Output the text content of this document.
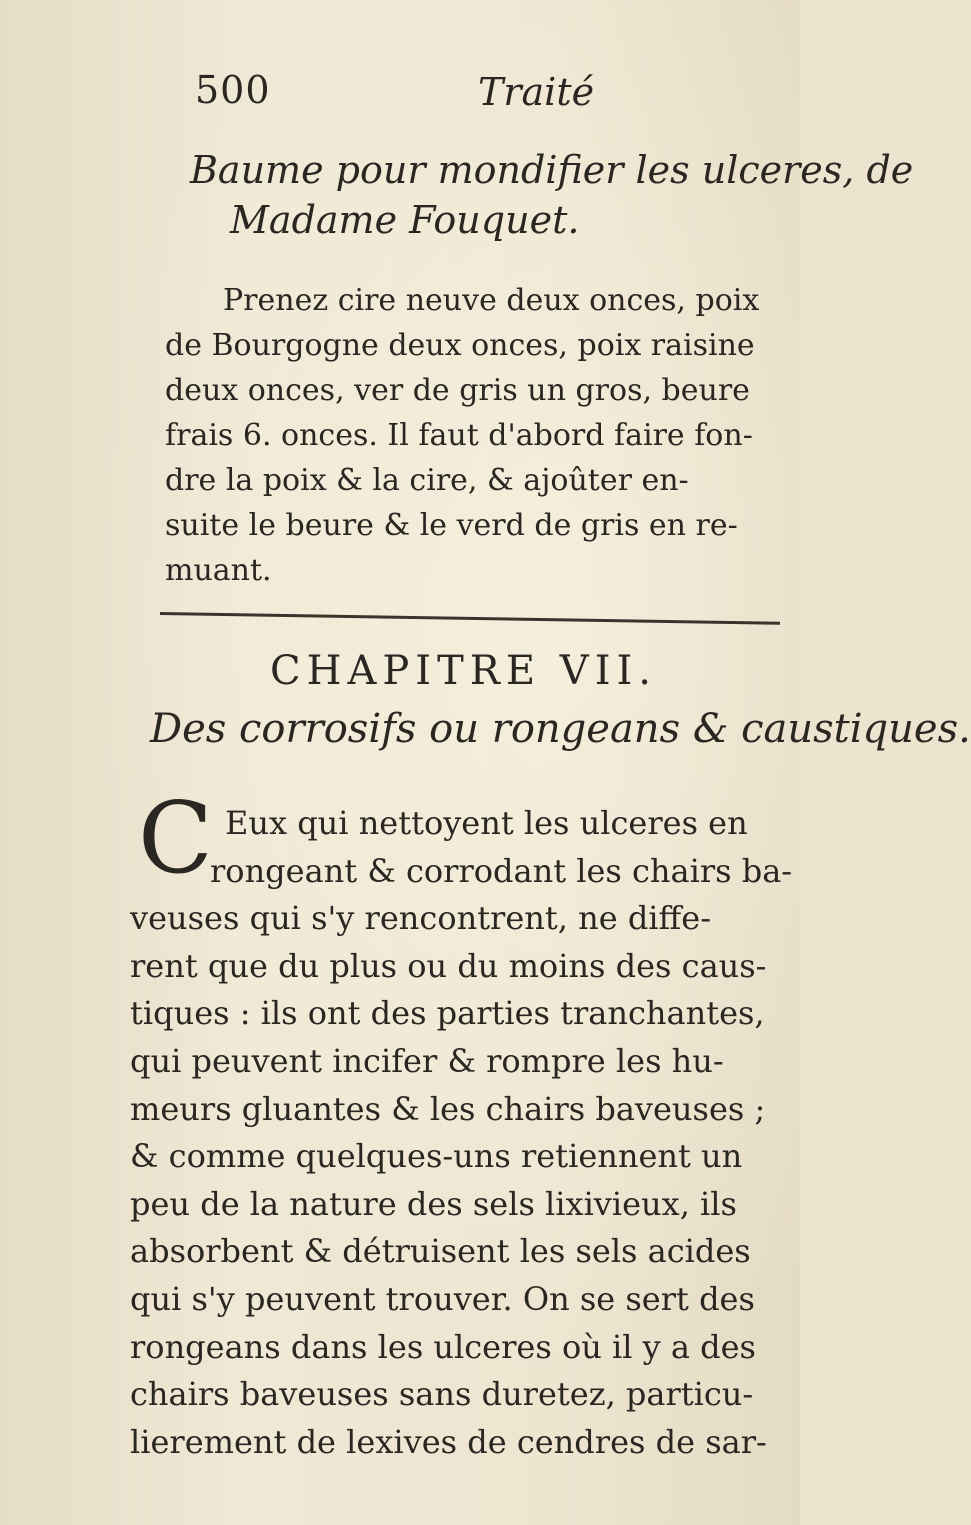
500	Traité
Baume pour mondifier les ulceres, de
Madame Fouquet.
Prenez cire neuve deux onces, poix
de Bourgogne deux onces, poix raisine
deux onces, ver de gris un gros, beure
frais 6. onces. Il faut d'abord faire fon-
dre la poix & la cire, & ajoûter en-
suite le beure & le verd de gris en re-
muant.
CHAPITRE VII.
Des corrosifs ou rongeans & caustiques.
C Eux qui nettoyent les ulceres en
rongeant & corrodant les chairs ba-
veuses qui s'y rencontrent, ne diffe-
rent que du plus ou du moins des caus-
tiques : ils ont des parties tranchantes,
qui peuvent incifer & rompre les hu-
meurs gluantes & les chairs baveuses ;
& comme quelques-uns retiennent un
peu de la nature des sels lixivieux, ils
absorbent & détruisent les sels acides
qui s'y peuvent trouver. On se sert des
rongeans dans les ulceres où il y a des
chairs baveuses sans duretez, particu-
lierement de lexives de cendres de sar-
